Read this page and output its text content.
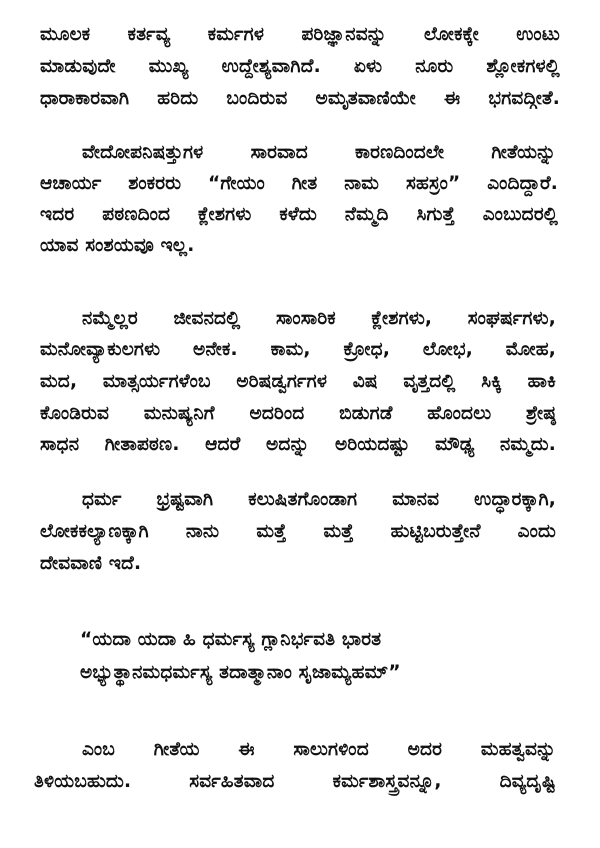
ಮೂಲಕ ಕರ್ತವ್ಯ ಕರ್ಮಗಳ ಪರಿಜ್ಞಾನವನ್ನು ಲೋಕಕ್ಕೇ ಉಂಟು
ಮಾಡುವುದೇ ಮುಖ್ಯ ಉದ್ದೇಶ್ಯವಾಗಿದೆ. ಏಳು ನೂರು ಶ್ಲೋಕಗಳಲ್ಲಿ
ಧಾರಾಕಾರವಾಗಿ ಹರಿದು ಬಂದಿರುವ ಅಮೃತವಾಣಿಯೇ ಈ ಭಗವದ್ಗೀತೆ.
ವೇದೋಪನಿಷತ್ತುಗಳ ಸಾರವಾದ ಕಾರಣದಿಂದಲೇ ಗೀತೆಯನ್ನು
ಆಚಾರ್ಯ ಶಂಕರರು “ಗೇಯಂ ಗೀತ ನಾಮ ಸಹಸ್ರಂ” ಎಂದಿದ್ದಾರೆ.
ಇದರ ಪಠಣದಿಂದ ಕ್ಲೇಶಗಳು ಕಳೆದು ನೆಮ್ಮದಿ ಸಿಗುತ್ತೆ ಎಂಬುದರಲ್ಲಿ
ಯಾವ ಸಂಶಯವೂ ಇಲ್ಲ.
ನಮ್ಮೆಲ್ಲರ ಜೀವನದಲ್ಲಿ ಸಾಂಸಾರಿಕ ಕ್ಲೇಶಗಳು, ಸಂಘರ್ಷಗಳು,
ಮನೋವ್ಯಾಕುಲಗಳು ಅನೇಕ. ಕಾಮ, ಕ್ರೋಧ, ಲೋಭ, ಮೋಹ,
ಮದ, ಮಾತ್ಸರ್ಯಗಳೆಂಬ ಅರಿಷಡ್ವರ್ಗಗಳ ವಿಷ ವೃತ್ತದಲ್ಲಿ ಸಿಕ್ಕಿ ಹಾಕಿ
ಕೊಂಡಿರುವ ಮನುಷ್ಯನಿಗೆ ಅದರಿಂದ ಬಿಡುಗಡೆ ಹೊಂದಲು ಶ್ರೇಷ್ಠ
ಸಾಧನ ಗೀತಾಪಠಣ. ಆದರೆ ಅದನ್ನು ಅರಿಯದಷ್ಟು ಮೌಢ್ಯ ನಮ್ಮದು.
ಧರ್ಮ ಭ್ರಷ್ಟವಾಗಿ ಕಲುಷಿತಗೊಂಡಾಗ ಮಾನವ ಉದ್ಧಾರಕ್ಕಾಗಿ,
ಲೋಕಕಲ್ಯಾಣಕ್ಕಾಗಿ ನಾನು ಮತ್ತೆ ಮತ್ತೆ ಹುಟ್ಟಿಬರುತ್ತೇನೆ ಎಂದು
ದೇವವಾಣಿ ಇದೆ.
“ಯದಾ ಯದಾ ಹಿ ಧರ್ಮಸ್ಯ ಗ್ಲಾನಿರ್ಭವತಿ ಭಾರತ
ಅಭ್ಯುತ್ಥಾನಮಧರ್ಮಸ್ಯ ತದಾತ್ಮಾನಾಂ ಸೃಜಾಮ್ಯಹಮ್”
ಎಂಬ ಗೀತೆಯ ಈ ಸಾಲುಗಳಿಂದ ಅದರ ಮಹತ್ವವನ್ನು
ತಿಳಿಯಬಹುದು. ಸರ್ವಹಿತವಾದ ಕರ್ಮಶಾಸ್ತ್ರವನ್ನೂ, ದಿವ್ಯದೃಷ್ಟಿ
